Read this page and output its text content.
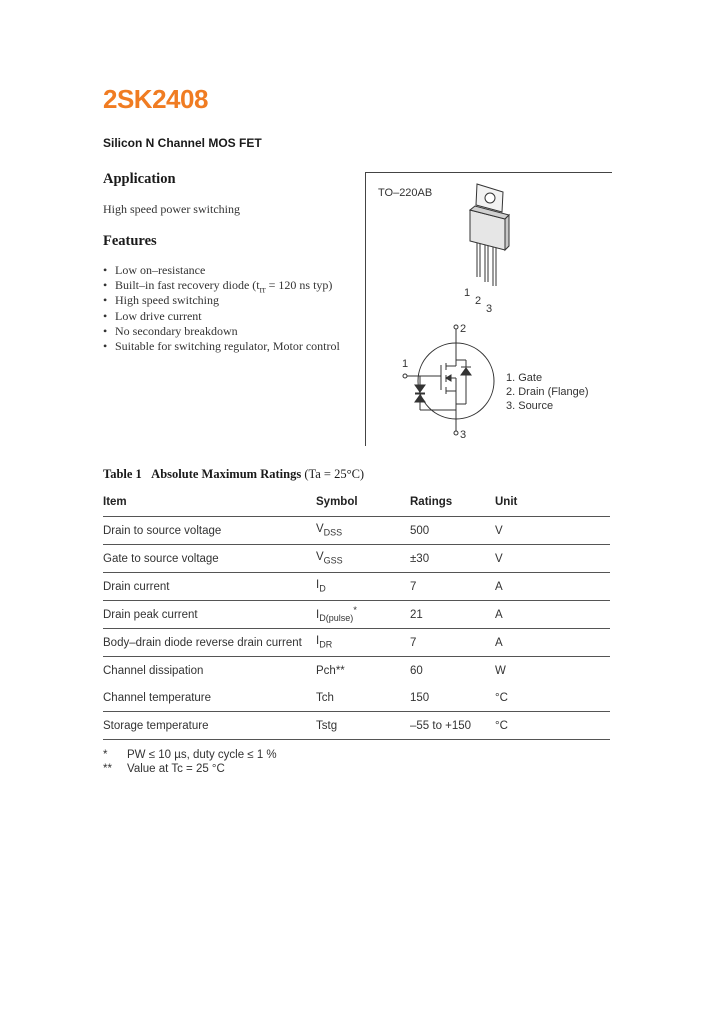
2SK2408
Silicon N Channel MOS FET
Application
High speed power switching
Features
• Low on–resistance
• Built–in fast recovery diode ($t_{rr} = 120$ ns typ)
• High speed switching
• Low drive current
• No secondary breakdown
• Suitable for switching regulator, Motor control
TO–220AB
1
2
3
2
1
3
1. Gate
2. Drain (Flange)
3. Source
Table 1 Absolute Maximum Ratings (Ta = 25°C)
Item	Symbol	Ratings	Unit
Drain to source voltage	$V_{DSS}$	500	V
Gate to source voltage	$V_{GSS}$	±30	V
Drain current	$I_D$	7	A
Drain peak current	$I_{D(pulse)}^*$	21	A
Body–drain diode reverse drain current	$I_{DR}$	7	A
Channel dissipation	Pch**	60	W
Channel temperature	Tch	150	°C
Storage temperature	Tstg	–55 to +150	°C
* PW ≤ 10 µs, duty cycle ≤ 1 %
** Value at Tc = 25 °C
